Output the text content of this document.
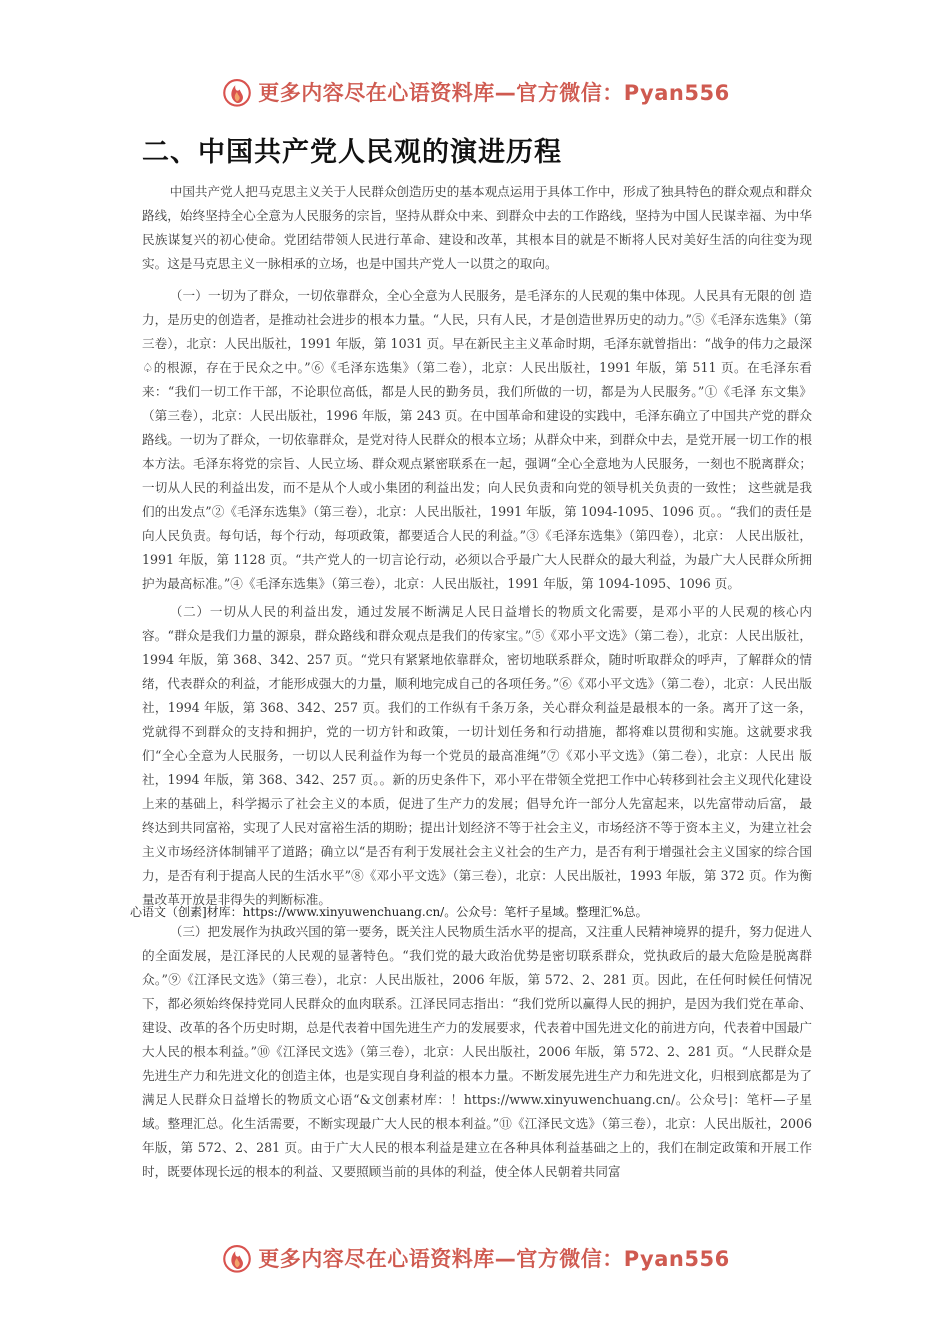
更多内容尽在心语资料库—官方微信：Pyan556
二、中国共产党人民观的演进历程

中国共产党人把马克思主义关于人民群众创造历史的基本观点运用于具体工作中，形成了独具特色的群众观点和群众路线，始终坚持全心全意为人民服务的宗旨，坚持从群众中来、到群众中去的工作路线，坚持为中国人民谋幸福、为中华民族谋复兴的初心使命。党团结带领人民进行革命、建设和改革，其根本目的就是不断将人民对美好生活的向往变为现实。这是马克思主义一脉相承的立场，也是中国共产党人一以贯之的取向。

（一）一切为了群众，一切依靠群众，全心全意为人民服务，是毛泽东的人民观的集中体现。人民具有无限的创 造力，是历史的创造者，是推动社会进步的根本力量。“人民，只有人民，才是创造世界历史的动力。”⑤《毛泽东选集》（第三卷），北京：人民出版社，1991 年版，第 1031 页。早在新民主主义革命时期，毛泽东就曾指出：“战争的伟力之最深♤的根源，存在于民众之中。”⑥《毛泽东选集》（第二卷），北京：人民出版社，1991 年版，第 511 页。在毛泽东看来：“我们一切工作干部，不论职位高低，都是人民的勤务员，我们所做的一切，都是为人民服务。”①《毛泽 东文集》（第三卷），北京：人民出版社，1996 年版，第 243 页。在中国革命和建设的实践中，毛泽东确立了中国共产党的群众路线。一切为了群众，一切依靠群众，是党对待人民群众的根本立场；从群众中来，到群众中去，是党开展一切工作的根本方法。毛泽东将党的宗旨、人民立场、群众观点紧密联系在一起，强调“全心全意地为人民服务，一刻也不脱离群众；一切从人民的利益出发，而不是从个人或小集团的利益出发；向人民负责和向党的领导机关负责的一致性； 这些就是我们的出发点”②《毛泽东选集》（第三卷），北京：人民出版社，1991 年版，第 1094-1095、1096 页。。“我们的责任是向人民负责。每句话，每个行动，每项政策，都要适合人民的利益。”③《毛泽东选集》（第四卷），北京： 人民出版社，1991 年版，第 1128 页。“共产党人的一切言论行动，必须以合乎最广大人民群众的最大利益，为最广大人民群众所拥护为最高标准。”④《毛泽东选集》（第三卷），北京：人民出版社，1991 年版，第 1094-1095、1096 页。

（二）一切从人民的利益出发，通过发展不断满足人民日益增长的物质文化需要，是邓小平的人民观的核心内容。“群众是我们力量的源泉，群众路线和群众观点是我们的传家宝。”⑤《邓小平文选》（第二卷），北京：人民出版社，1994 年版，第 368、342、257 页。“党只有紧紧地依靠群众，密切地联系群众，随时听取群众的呼声，了解群众的情绪，代表群众的利益，才能形成强大的力量，顺利地完成自己的各项任务。”⑥《邓小平文选》（第二卷），北京：人民出版社，1994 年版，第 368、342、257 页。我们的工作纵有千条万条，关心群众利益是最根本的一条。离开了这一条，党就得不到群众的支持和拥护，党的一切方针和政策，一切计划任务和行动措施，都将难以贯彻和实施。这就要求我们“全心全意为人民服务，一切以人民利益作为每一个党员的最高准绳”⑦《邓小平文选》（第二卷），北京：人民出 版社，1994 年版，第 368、342、257 页。。新的历史条件下，邓小平在带领全党把工作中心转移到社会主义现代化建设上来的基础上，科学揭示了社会主义的本质，促进了生产力的发展；倡导允许一部分人先富起来，以先富带动后富， 最终达到共同富裕，实现了人民对富裕生活的期盼；提出计划经济不等于社会主义，市场经济不等于资本主义，为建立社会主义市场经济体制铺平了道路；确立以“是否有利于发展社会主义社会的生产力，是否有利于增强社会主义国家的综合国力，是否有利于提高人民的生活水平”⑧《邓小平文选》（第三卷），北京：人民出版社，1993 年版，第 372 页。作为衡量改革开放是非得失的判断标准。

心语文（创素]材库：https://www.xinyuwenchuang.cn/。公众号：笔杆子星域。整理汇%总。

（三）把发展作为执政兴国的第一要务，既关注人民物质生活水平的提高，又注重人民精神境界的提升，努力促进人的全面发展，是江泽民的人民观的显著特色。“我们党的最大政治优势是密切联系群众，党执政后的最大危险是脱离群众。”⑨《江泽民文选》（第三卷），北京：人民出版社，2006 年版，第 572、2、281 页。因此，在任何时候任何情况下，都必须始终保持党同人民群众的血肉联系。江泽民同志指出：“我们党所以赢得人民的拥护，是因为我们党在革命、建设、改革的各个历史时期，总是代表着中国先进生产力的发展要求，代表着中国先进文化的前进方向，代表着中国最广大人民的根本利益。”⑩《江泽民文选》（第三卷），北京：人民出版社，2006 年版，第 572、2、281 页。“人民群众是先进生产力和先进文化的创造主体，也是实现自身利益的根本力量。不断发展先进生产力和先进文化，归根到底都是为了满足人民群众日益增长的物质文心语“&文创素材库：！https://www.xinyuwenchuang.cn/。公众号|：笔杆—子星域。整理汇总。化生活需要，不断实现最广大人民的根本利益。”⑪《江泽民文选》（第三卷），北京：人民出版社，2006 年版，第 572、2、281 页。由于广大人民的根本利益是建立在各种具体利益基础之上的，我们在制定政策和开展工作时，既要体现长远的根本的利益、又要照顾当前的具体的利益，使全体人民朝着共同富

更多内容尽在心语资料库—官方微信：Pyan556
